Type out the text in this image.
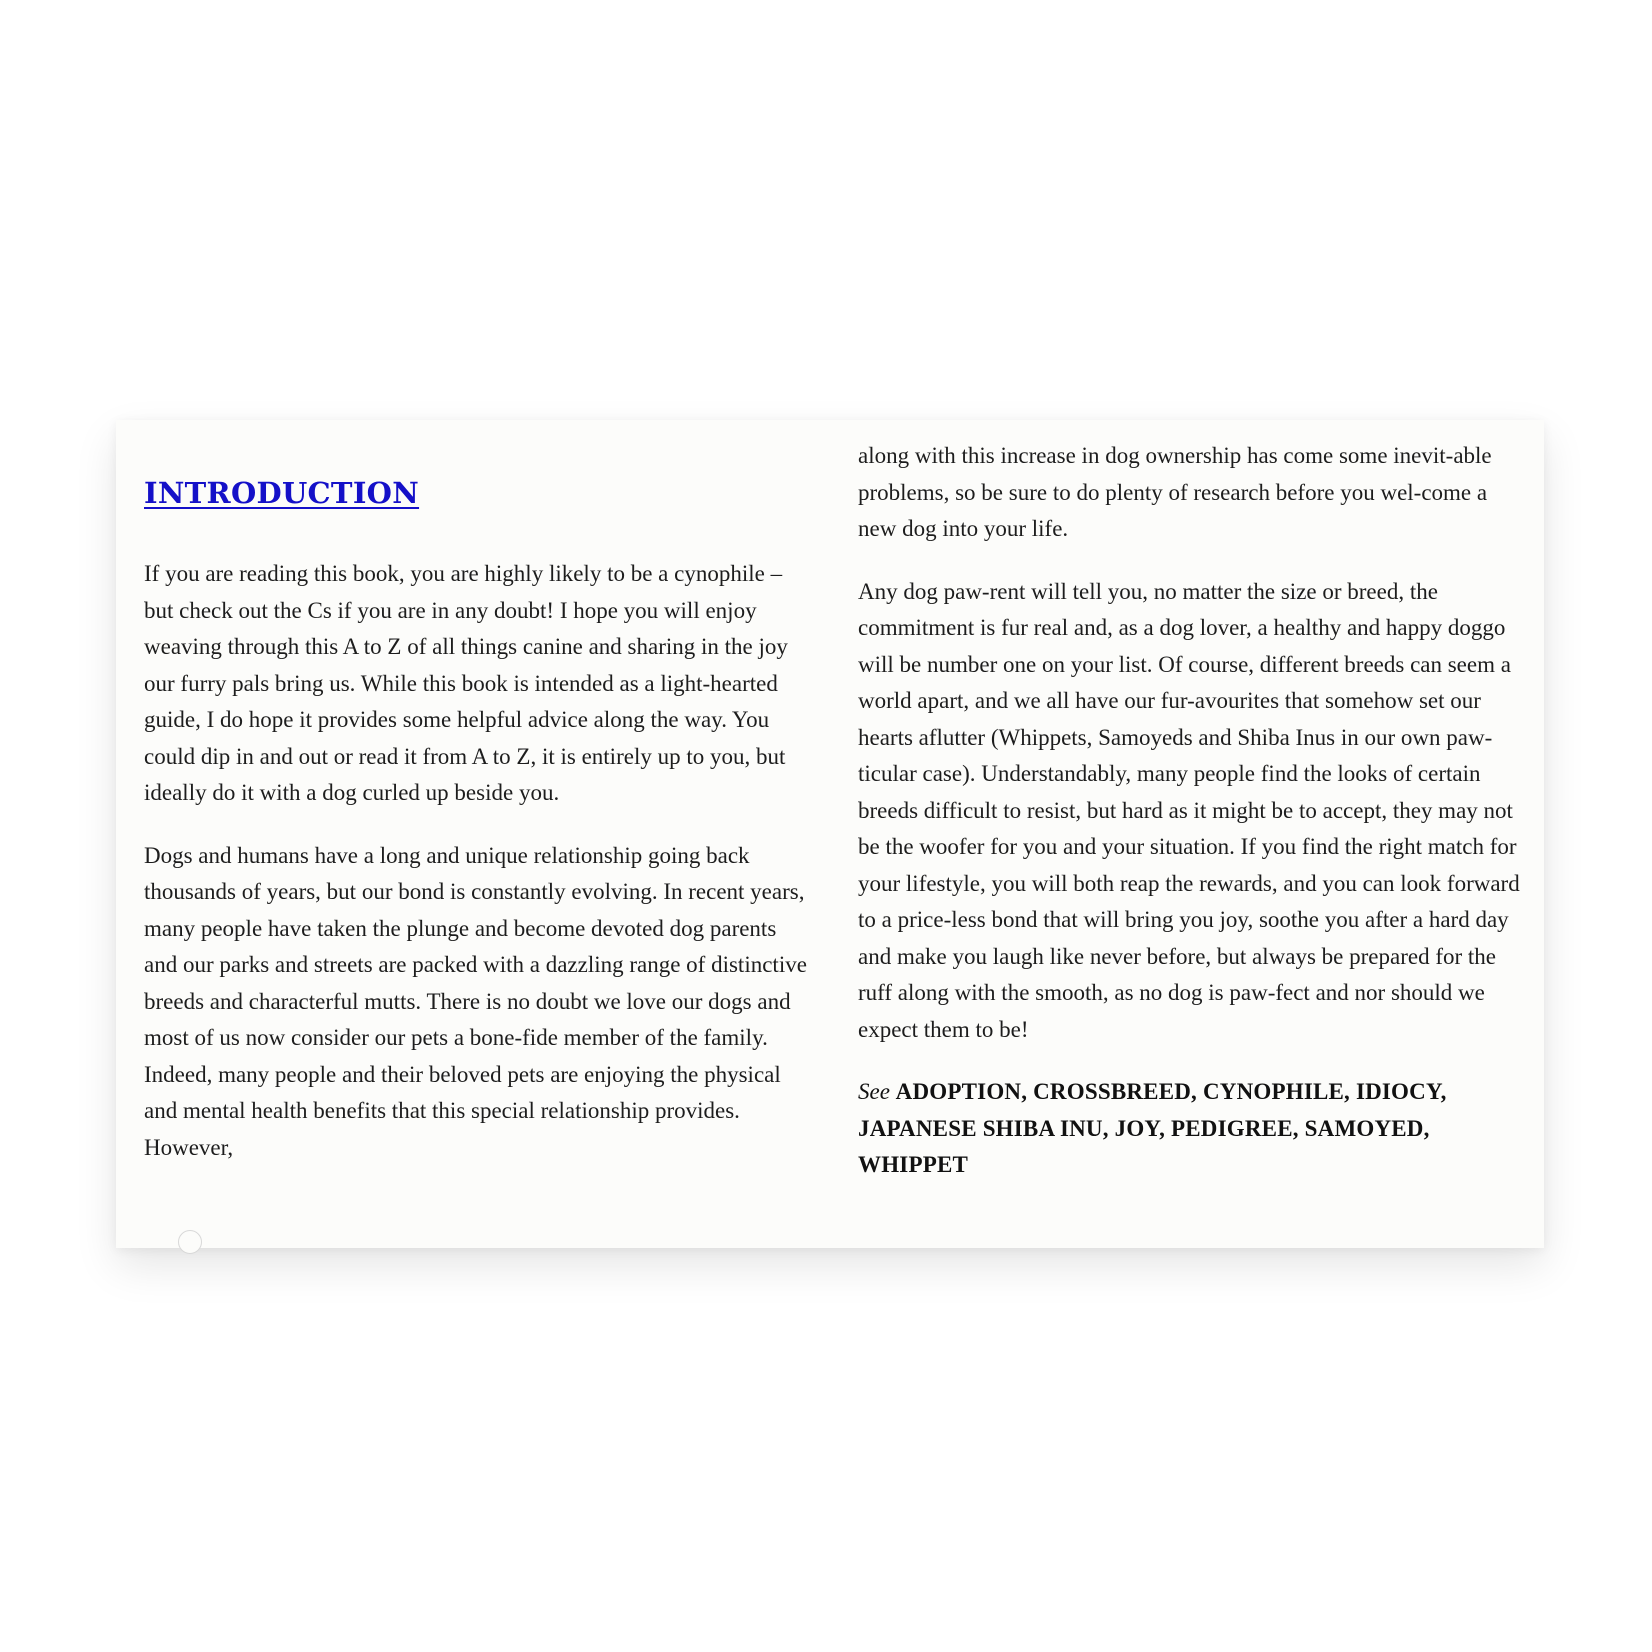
INTRODUCTION

If you are reading this book, you are highly likely to be a cynophile – but check out the Cs if you are in any doubt! I hope you will enjoy weaving through this A to Z of all things canine and sharing in the joy our furry pals bring us. While this book is intended as a light-hearted guide, I do hope it provides some helpful advice along the way. You could dip in and out or read it from A to Z, it is entirely up to you, but ideally do it with a dog curled up beside you.

Dogs and humans have a long and unique relationship going back thousands of years, but our bond is constantly evolving. In recent years, many people have taken the plunge and become devoted dog parents and our parks and streets are packed with a dazzling range of distinctive breeds and characterful mutts. There is no doubt we love our dogs and most of us now consider our pets a bone-fide member of the family. Indeed, many people and their beloved pets are enjoying the physical and mental health benefits that this special relationship provides. However,

along with this increase in dog ownership has come some inevit-able problems, so be sure to do plenty of research before you wel-come a new dog into your life.

Any dog paw-rent will tell you, no matter the size or breed, the commitment is fur real and, as a dog lover, a healthy and happy doggo will be number one on your list. Of course, different breeds can seem a world apart, and we all have our fur-avourites that somehow set our hearts aflutter (Whippets, Samoyeds and Shiba Inus in our own paw-ticular case). Understandably, many people find the looks of certain breeds difficult to resist, but hard as it might be to accept, they may not be the woofer for you and your situation. If you find the right match for your lifestyle, you will both reap the rewards, and you can look forward to a price-less bond that will bring you joy, soothe you after a hard day and make you laugh like never before, but always be prepared for the ruff along with the smooth, as no dog is paw-fect and nor should we expect them to be!

See ADOPTION, CROSSBREED, CYNOPHILE, IDIOCY, JAPANESE SHIBA INU, JOY, PEDIGREE, SAMOYED, WHIPPET
